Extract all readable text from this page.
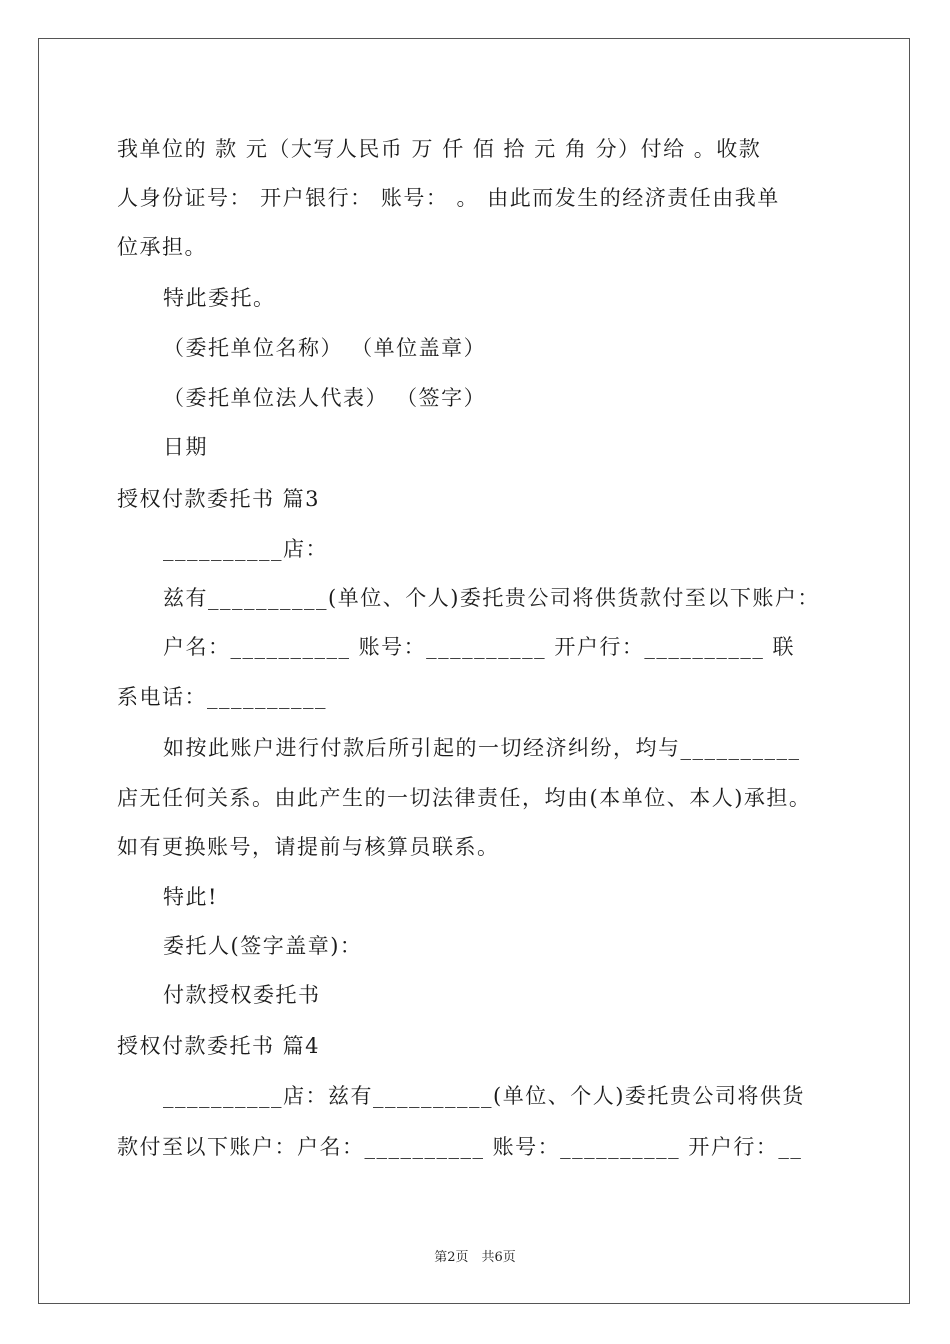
我单位的 款 元（大写人民币 万 仟 佰 拾 元 角 分）付给 。收款
人身份证号： 开户银行： 账号： 。 由此而发生的经济责任由我单
位承担。
特此委托。
（委托单位名称） （单位盖章）
（委托单位法人代表） （签字）
日期
授权付款委托书 篇3
__________店：
兹有__________(单位、个人)委托贵公司将供货款付至以下账户：
户名：__________ 账号：__________ 开户行：__________ 联
系电话：__________
如按此账户进行付款后所引起的一切经济纠纷，均与__________
店无任何关系。由此产生的一切法律责任，均由(本单位、本人)承担。
如有更换账号，请提前与核算员联系。
特此!
委托人(签字盖章)：
付款授权委托书
授权付款委托书 篇4
__________店：兹有__________(单位、个人)委托贵公司将供货
款付至以下账户：户名：__________ 账号：__________ 开户行：__
第2页　共6页
